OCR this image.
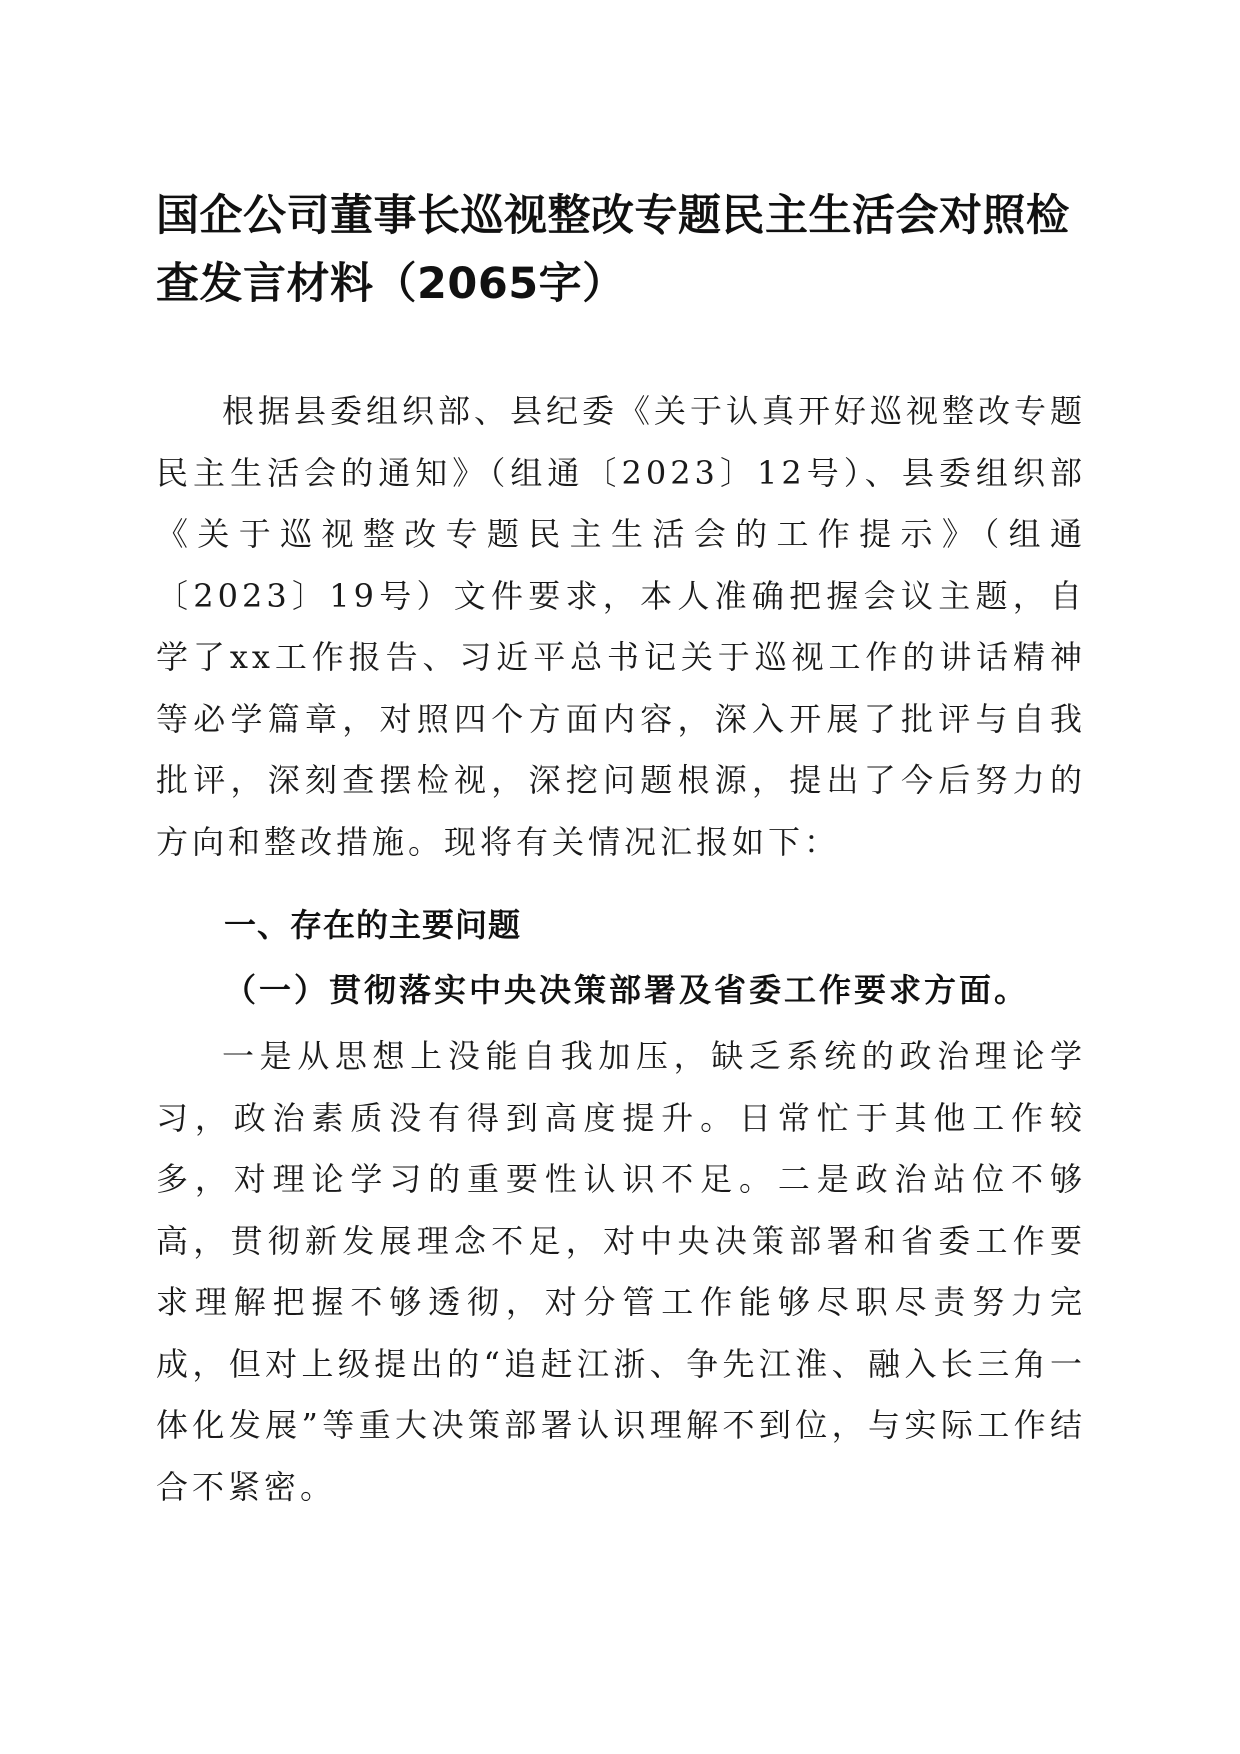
国企公司董事长巡视整改专题民主生活会对照检查发言材料（2065字）

根据县委组织部、县纪委《关于认真开好巡视整改专题民主生活会的通知》（组通〔2023〕12号）、县委组织部《关于巡视整改专题民主生活会的工作提示》（组通〔2023〕19号）文件要求，本人准确把握会议主题，自学了xx工作报告、习近平总书记关于巡视工作的讲话精神等必学篇章，对照四个方面内容，深入开展了批评与自我批评，深刻查摆检视，深挖问题根源，提出了今后努力的方向和整改措施。现将有关情况汇报如下：

一、存在的主要问题
（一）贯彻落实中央决策部署及省委工作要求方面。

一是从思想上没能自我加压，缺乏系统的政治理论学习，政治素质没有得到高度提升。日常忙于其他工作较多，对理论学习的重要性认识不足。二是政治站位不够高，贯彻新发展理念不足，对中央决策部署和省委工作要求理解把握不够透彻，对分管工作能够尽职尽责努力完成，但对上级提出的“追赶江浙、争先江淮、融入长三角一体化发展”等重大决策部署认识理解不到位，与实际工作结合不紧密。
